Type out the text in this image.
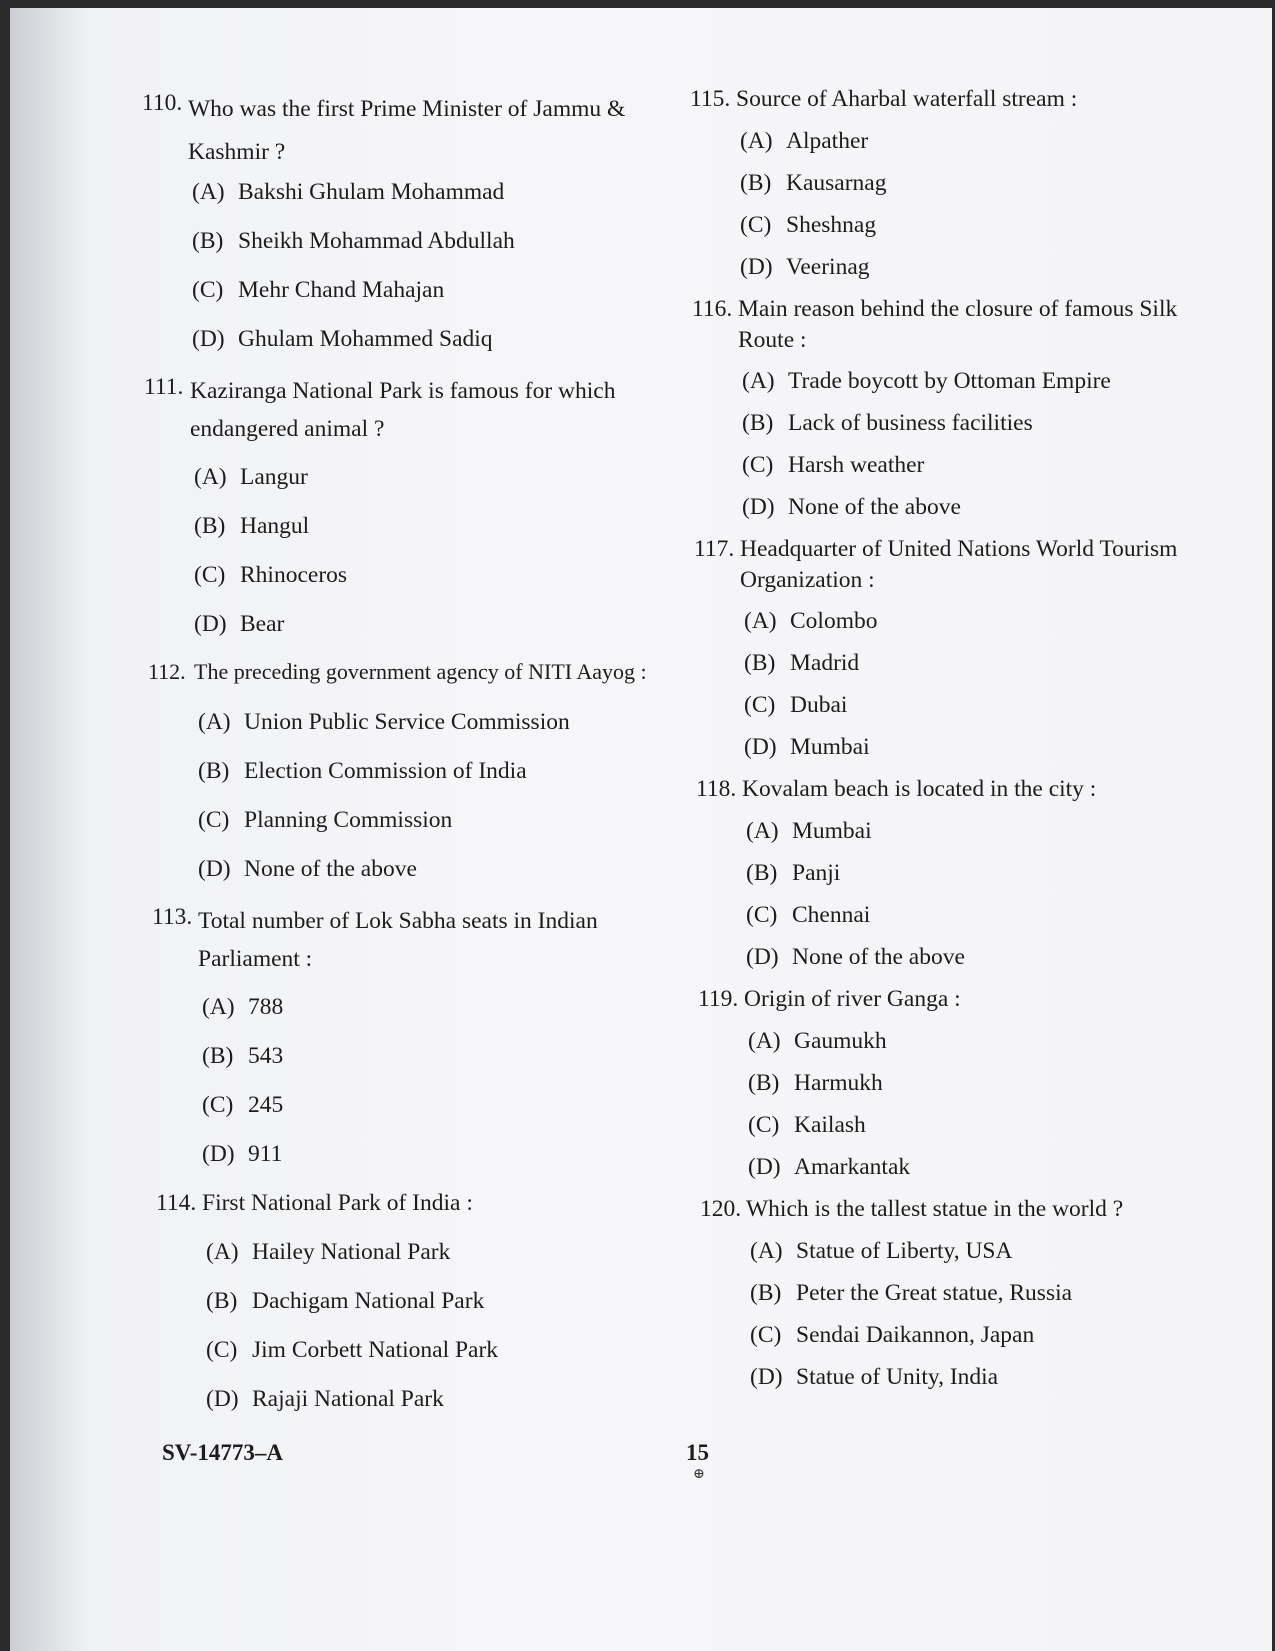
110. Who was the first Prime Minister of Jammu & Kashmir ?
(A) Bakshi Ghulam Mohammad
(B) Sheikh Mohammad Abdullah
(C) Mehr Chand Mahajan
(D) Ghulam Mohammed Sadiq
111. Kaziranga National Park is famous for which endangered animal ?
(A) Langur
(B) Hangul
(C) Rhinoceros
(D) Bear
112. The preceding government agency of NITI Aayog :
(A) Union Public Service Commission
(B) Election Commission of India
(C) Planning Commission
(D) None of the above
113. Total number of Lok Sabha seats in Indian Parliament :
(A) 788
(B) 543
(C) 245
(D) 911
114. First National Park of India :
(A) Hailey National Park
(B) Dachigam National Park
(C) Jim Corbett National Park
(D) Rajaji National Park
115. Source of Aharbal waterfall stream :
(A) Alpather
(B) Kausarnag
(C) Sheshnag
(D) Veerinag
116. Main reason behind the closure of famous Silk Route :
(A) Trade boycott by Ottoman Empire
(B) Lack of business facilities
(C) Harsh weather
(D) None of the above
117. Headquarter of United Nations World Tourism Organization :
(A) Colombo
(B) Madrid
(C) Dubai
(D) Mumbai
118. Kovalam beach is located in the city :
(A) Mumbai
(B) Panji
(C) Chennai
(D) None of the above
119. Origin of river Ganga :
(A) Gaumukh
(B) Harmukh
(C) Kailash
(D) Amarkantak
120. Which is the tallest statue in the world ?
(A) Statue of Liberty, USA
(B) Peter the Great statue, Russia
(C) Sendai Daikannon, Japan
(D) Statue of Unity, India
SV-14773–A	15
⊕
